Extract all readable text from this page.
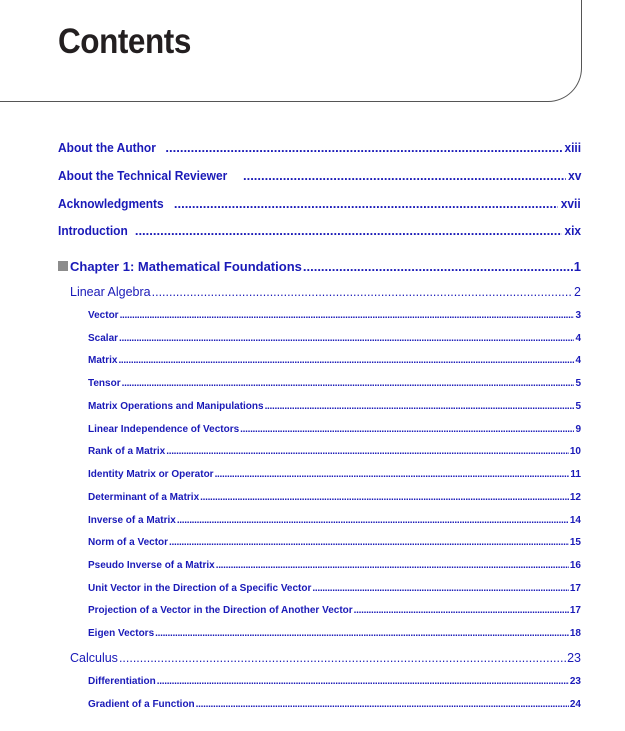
Contents
About the Author .....	xiii
About the Technical Reviewer .....	xv
Acknowledgments .....	xvii
Introduction .....	xix
Chapter 1: Mathematical Foundations .....	1
Linear Algebra .....	2
Vector .....	3
Scalar .....	4
Matrix .....	4
Tensor .....	5
Matrix Operations and Manipulations .....	5
Linear Independence of Vectors .....	9
Rank of a Matrix .....	10
Identity Matrix or Operator .....	11
Determinant of a Matrix .....	12
Inverse of a Matrix .....	14
Norm of a Vector .....	15
Pseudo Inverse of a Matrix .....	16
Unit Vector in the Direction of a Specific Vector .....	17
Projection of a Vector in the Direction of Another Vector .....	17
Eigen Vectors .....	18
Calculus .....	23
Differentiation .....	23
Gradient of a Function .....	24
